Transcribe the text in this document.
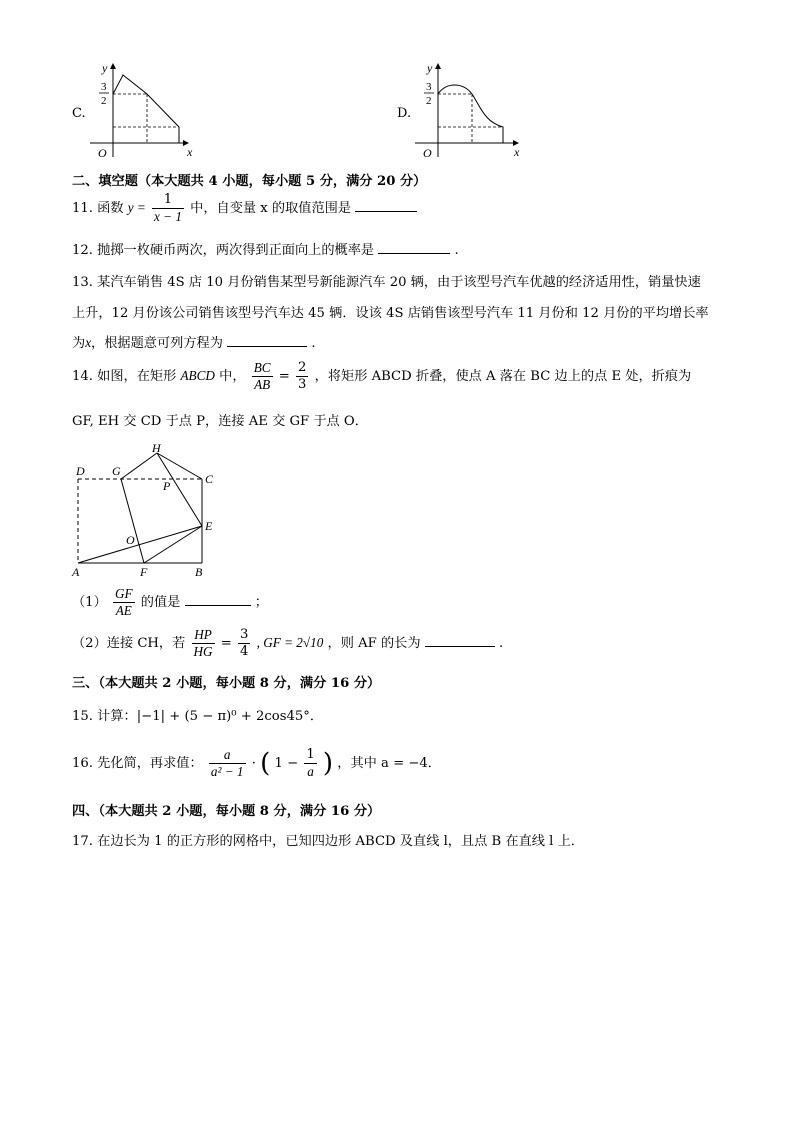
C.
y
3
2
O	x
D.
y
3
2
O	x
二、填空题（本大题共 4 小题，每小题 5 分，满分 20 分）
11. 函数 $y = \frac{1}{x - 1}$ 中，自变量 x 的取值范围是
12. 抛掷一枚硬币两次，两次得到正面向上的概率是	.
13. 某汽车销售 4S 店 10 月份销售某型号新能源汽车 20 辆，由于该型号汽车优越的经济适用性，销量快速
上升，12 月份该公司销售该型号汽车达 45 辆．设该 4S 店销售该型号汽车 11 月份和 12 月份的平均增长率
为x，根据题意可列方程为	.
14. 如图，在矩形 ABCD 中， $\frac{BC}{AB} = \frac{2}{3}$ ，将矩形 ABCD 折叠，使点 A 落在 BC 边上的点 E 处，折痕为
GF, EH 交 CD 于点 P，连接 AE 交 GF 于点 O．
D G
H
C
P
E
O
A	F	B
$(1) \frac{GF}{AE}$ 的值是	；
（2）连接 CH，若 $\frac{HP}{HG} = \frac{3}{4}$ , GF = 2√10 ，则 AF 的长为	.
三、（本大题共 2 小题，每小题 8 分，满分 16 分）
15. 计算：|−1| + (5 − π)⁰ + 2cos45°．
16. 先化简，再求值： $\frac{a}{\text{a² − 1}}$ · ( $1 - \frac{1}{a}$ ) ，其中 a = −4．
四、（本大题共 2 小题，每小题 8 分，满分 16 分）
17. 在边长为 1 的正方形的网格中，已知四边形 ABCD 及直线 l，且点 B 在直线 l 上．
